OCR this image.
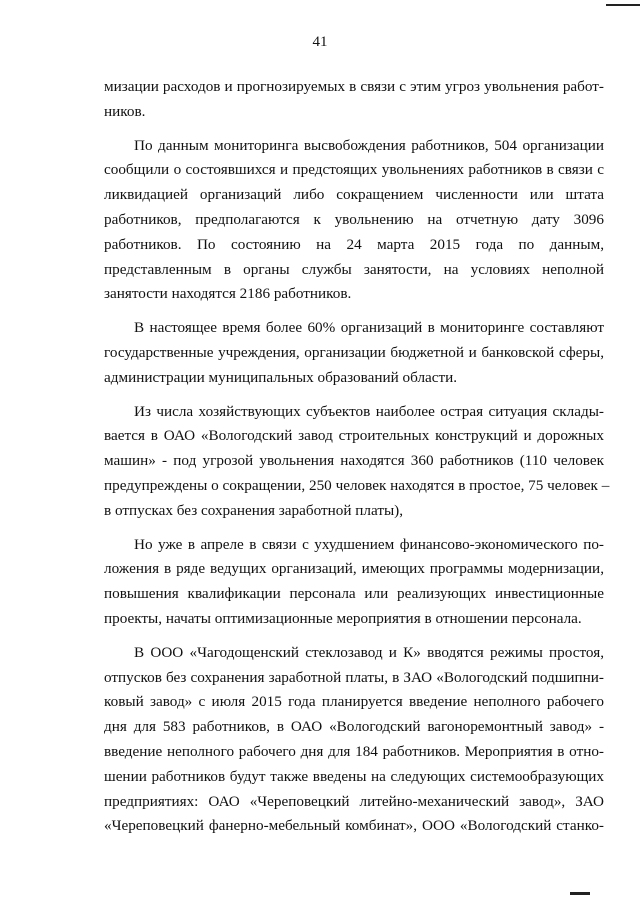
41
мизации расходов и прогнозируемых в связи с этим угроз увольнения работ-
ников.
По данным мониторинга высвобождения работников, 504 организации
сообщили о состоявшихся и предстоящих увольнениях работников в связи с
ликвидацией организаций либо сокращением численности или штата
работников, предполагаются к увольнению на отчетную дату 3096
работников. По состоянию на 24 марта 2015 года по данным,
представленным в органы службы занятости, на условиях неполной
занятости находятся 2186 работников.
В настоящее время более 60% организаций в мониторинге составляют
государственные учреждения, организации бюджетной и банковской сферы,
администрации муниципальных образований области.
Из числа хозяйствующих субъектов наиболее острая ситуация склады-
вается в ОАО «Вологодский завод строительных конструкций и дорожных
машин» - под угрозой увольнения находятся 360 работников (110 человек
предупреждены о сокращении, 250 человек находятся в простое, 75 человек –
в отпусках без сохранения заработной платы),
Но уже в апреле в связи с ухудшением финансово-экономического по-
ложения в ряде ведущих организаций, имеющих программы модернизации,
повышения квалификации персонала или реализующих инвестиционные
проекты, начаты оптимизационные мероприятия в отношении персонала.
В ООО «Чагодощенский стеклозавод и К» вводятся режимы простоя,
отпусков без сохранения заработной платы, в ЗАО «Вологодский подшипни-
ковый завод» с июля 2015 года планируется введение неполного рабочего
дня для 583 работников, в ОАО «Вологодский вагоноремонтный завод» -
введение неполного рабочего дня для 184 работников. Мероприятия в отно-
шении работников будут также введены на следующих системообразующих
предприятиях: ОАО «Череповецкий литейно-механический завод», ЗАО
«Череповецкий фанерно-мебельный комбинат», ООО «Вологодский станко-
